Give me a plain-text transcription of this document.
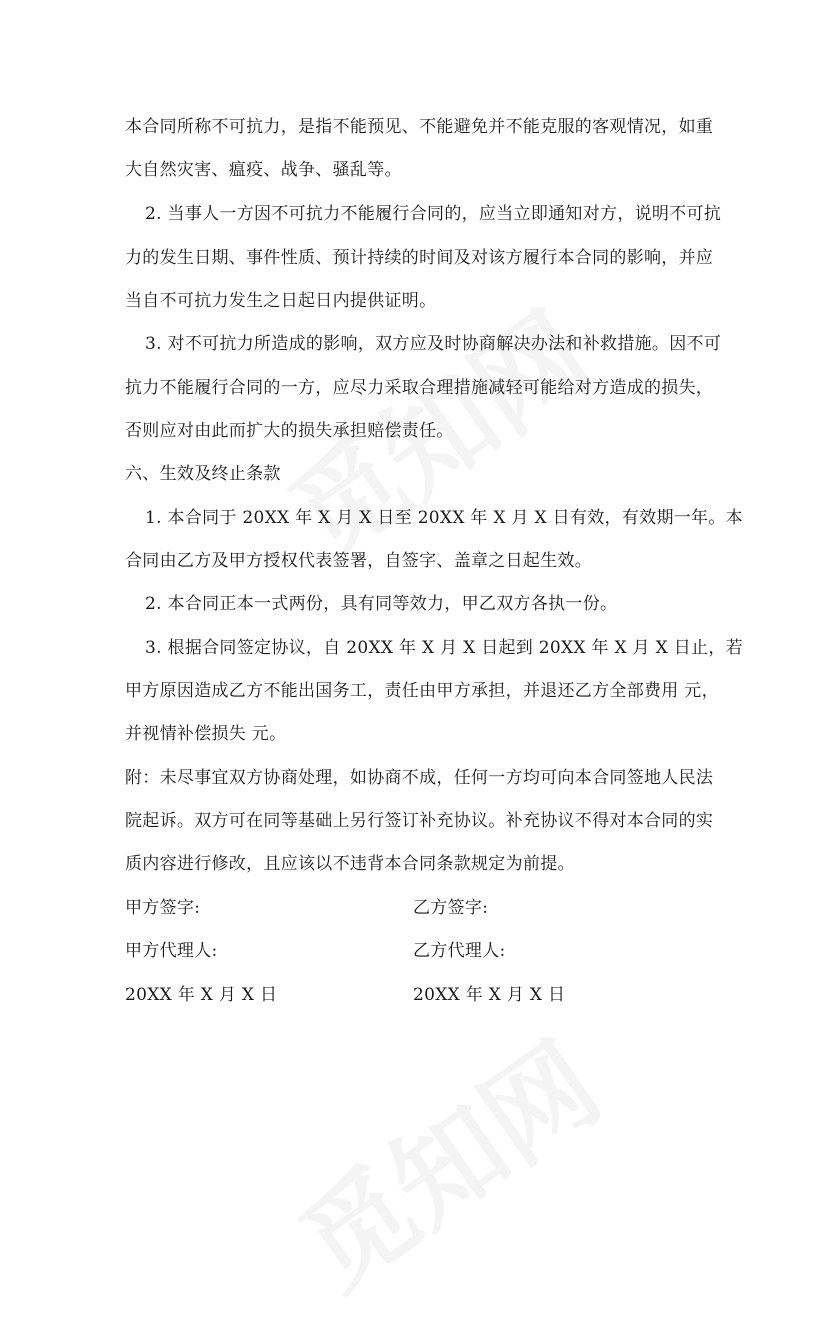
本合同所称不可抗力，是指不能预见、不能避免并不能克服的客观情况，如重
大自然灾害、瘟疫、战争、骚乱等。
2. 当事人一方因不可抗力不能履行合同的，应当立即通知对方，说明不可抗
力的发生日期、事件性质、预计持续的时间及对该方履行本合同的影响，并应
当自不可抗力发生之日起日内提供证明。
3. 对不可抗力所造成的影响，双方应及时协商解决办法和补救措施。因不可
抗力不能履行合同的一方，应尽力采取合理措施减轻可能给对方造成的损失，
否则应对由此而扩大的损失承担赔偿责任。
六、生效及终止条款
1. 本合同于 20XX 年 X 月 X 日至 20XX 年 X 月 X 日有效，有效期一年。本
合同由乙方及甲方授权代表签署，自签字、盖章之日起生效。
2. 本合同正本一式两份，具有同等效力，甲乙双方各执一份。
3. 根据合同签定协议，自 20XX 年 X 月 X 日起到 20XX 年 X 月 X 日止，若
甲方原因造成乙方不能出国务工，责任由甲方承担，并退还乙方全部费用 元，
并视情补偿损失 元。
附：未尽事宜双方协商处理，如协商不成，任何一方均可向本合同签地人民法
院起诉。双方可在同等基础上另行签订补充协议。补充协议不得对本合同的实
质内容进行修改，且应该以不违背本合同条款规定为前提。
甲方签字:	乙方签字:
甲方代理人:	乙方代理人:
20XX 年 X 月 X 日	20XX 年 X 月 X 日
